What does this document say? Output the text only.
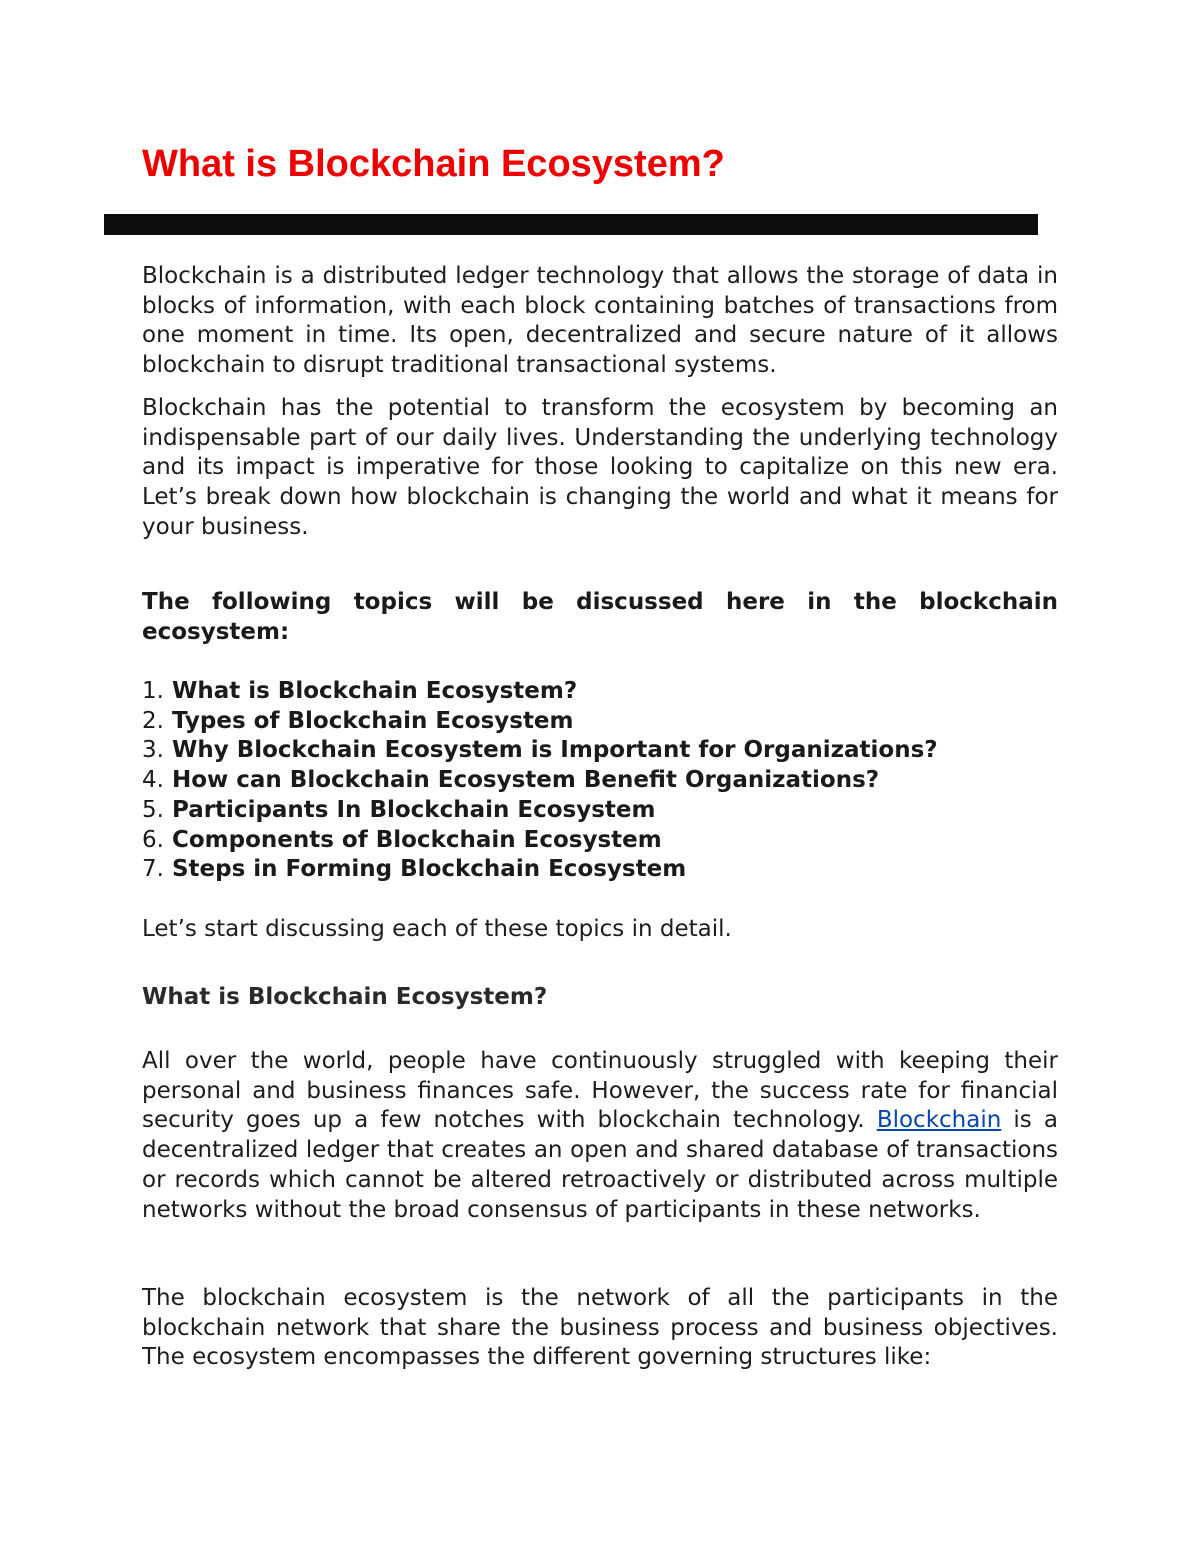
What is Blockchain Ecosystem?

Blockchain is a distributed ledger technology that allows the storage of data in blocks of information, with each block containing batches of transactions from one moment in time. Its open, decentralized and secure nature of it allows blockchain to disrupt traditional transactional systems.

Blockchain has the potential to transform the ecosystem by becoming an indispensable part of our daily lives. Understanding the underlying technology and its impact is imperative for those looking to capitalize on this new era. Let’s break down how blockchain is changing the world and what it means for your business.

The following topics will be discussed here in the blockchain ecosystem:

1. What is Blockchain Ecosystem?
2. Types of Blockchain Ecosystem
3. Why Blockchain Ecosystem is Important for Organizations?
4. How can Blockchain Ecosystem Benefit Organizations?
5. Participants In Blockchain Ecosystem
6. Components of Blockchain Ecosystem
7. Steps in Forming Blockchain Ecosystem

Let’s start discussing each of these topics in detail.

What is Blockchain Ecosystem?

All over the world, people have continuously struggled with keeping their personal and business finances safe. However, the success rate for financial security goes up a few notches with blockchain technology. Blockchain is a decentralized ledger that creates an open and shared database of transactions or records which cannot be altered retroactively or distributed across multiple networks without the broad consensus of participants in these networks.

The blockchain ecosystem is the network of all the participants in the blockchain network that share the business process and business objectives. The ecosystem encompasses the different governing structures like:
